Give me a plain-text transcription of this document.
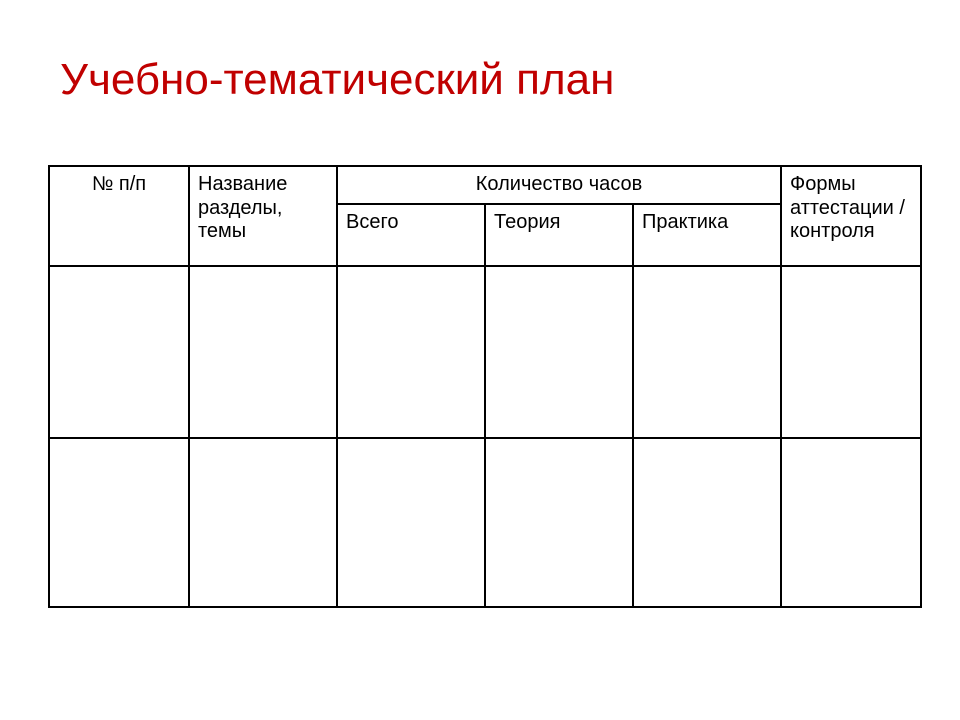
Учебно-тематический план
№ п/п	Название разделы, темы	Количество часов			Формы аттестации /контроля
		Всего	Теория	Практика	
